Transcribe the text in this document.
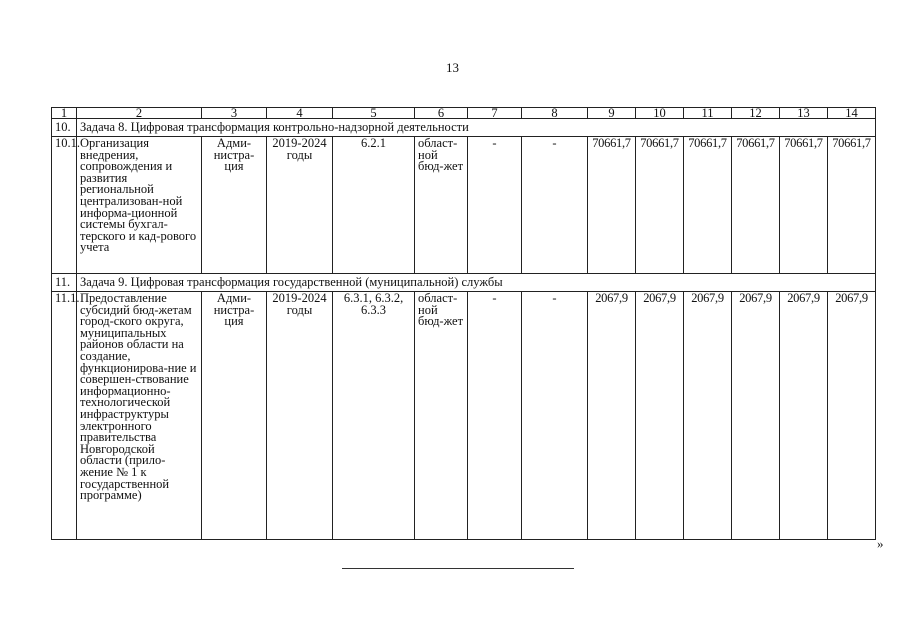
13
1	2	3	4	5	6	7	8	9	10	11	12	13	14
10.	Задача 8. Цифровая трансформация контрольно-надзорной деятельности												
10.1.	Организация внедрения, сопровождения и развития региональной централизован-ной информа-ционной системы бухгал-терского и кад-рового учета	Адми-нистра-ция	2019-2024 годы	6.2.1	област-ной бюд-жет	-	-	70661,7	70661,7	70661,7	70661,7	70661,7	70661,7
11.	Задача 9. Цифровая трансформация государственной (муниципальной) службы												
11.1.	Предоставление субсидий бюд-жетам город-ского округа, муниципальных районов области на создание, функционирова-ние и совершен-ствование информационно-технологической инфраструктуры электронного правительства Новгородской области (прило-жение № 1 к государственной программе)	Адми-нистра-ция	2019-2024 годы	6.3.1, 6.3.2, 6.3.3	област-ной бюд-жет	-	-	2067,9	2067,9	2067,9	2067,9	2067,9	2067,9
»
